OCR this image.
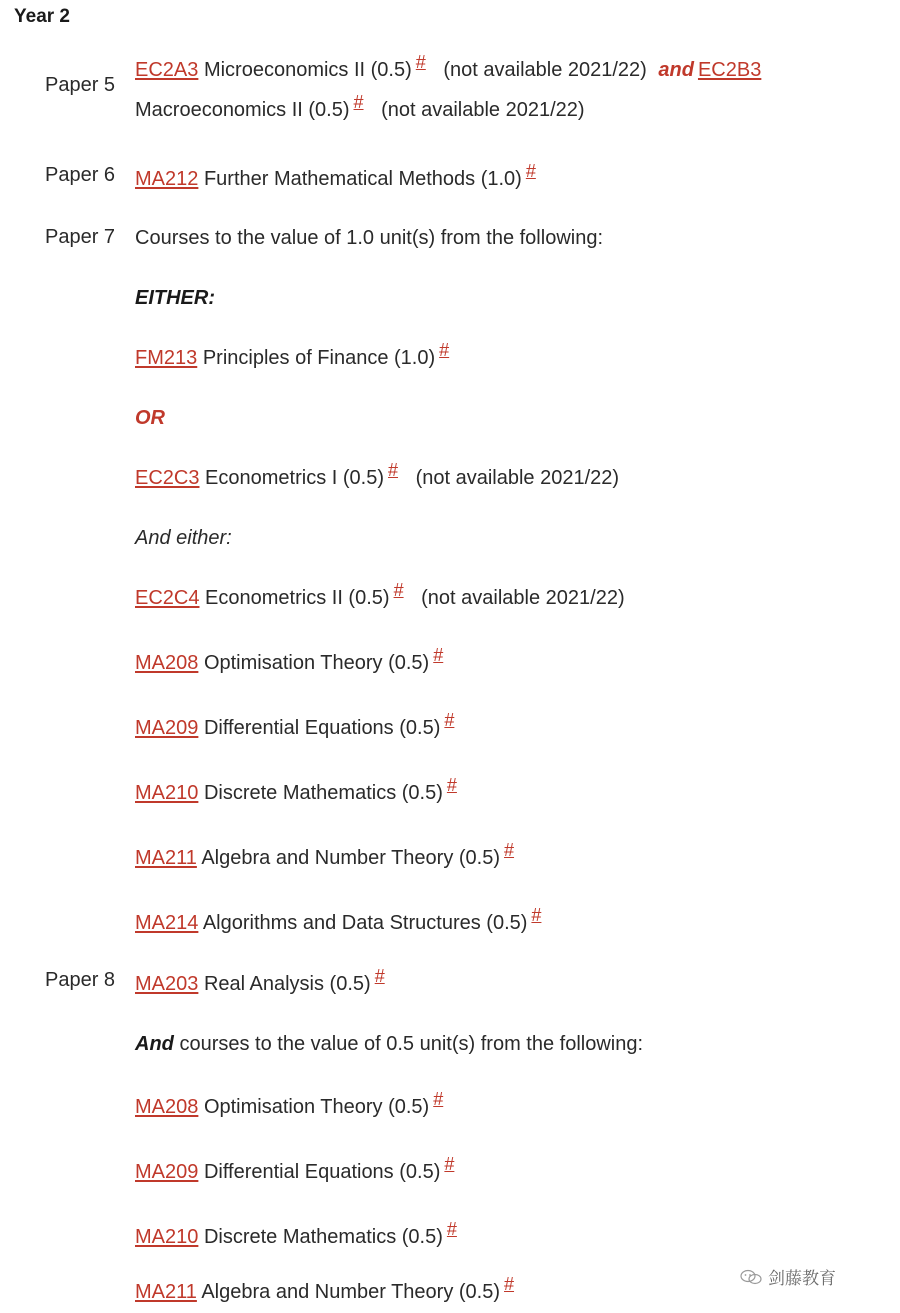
Year 2
Paper 5
EC2A3 Microeconomics II (0.5) # (not available 2021/22) and EC2B3
Macroeconomics II (0.5) # (not available 2021/22)
Paper 6 MA212 Further Mathematical Methods (1.0) #
Paper 7 Courses to the value of 1.0 unit(s) from the following:
EITHER:
FM213 Principles of Finance (1.0) #
OR
EC2C3 Econometrics I (0.5) # (not available 2021/22)
And either:
EC2C4 Econometrics II (0.5) # (not available 2021/22)
MA208 Optimisation Theory (0.5) #
MA209 Differential Equations (0.5) #
MA210 Discrete Mathematics (0.5) #
MA211 Algebra and Number Theory (0.5) #
MA214 Algorithms and Data Structures (0.5) #
Paper 8 MA203 Real Analysis (0.5) #
And courses to the value of 0.5 unit(s) from the following:
MA208 Optimisation Theory (0.5) #
MA209 Differential Equations (0.5) #
MA210 Discrete Mathematics (0.5) #
MA211 Algebra and Number Theory (0.5) #	剑藤教育
